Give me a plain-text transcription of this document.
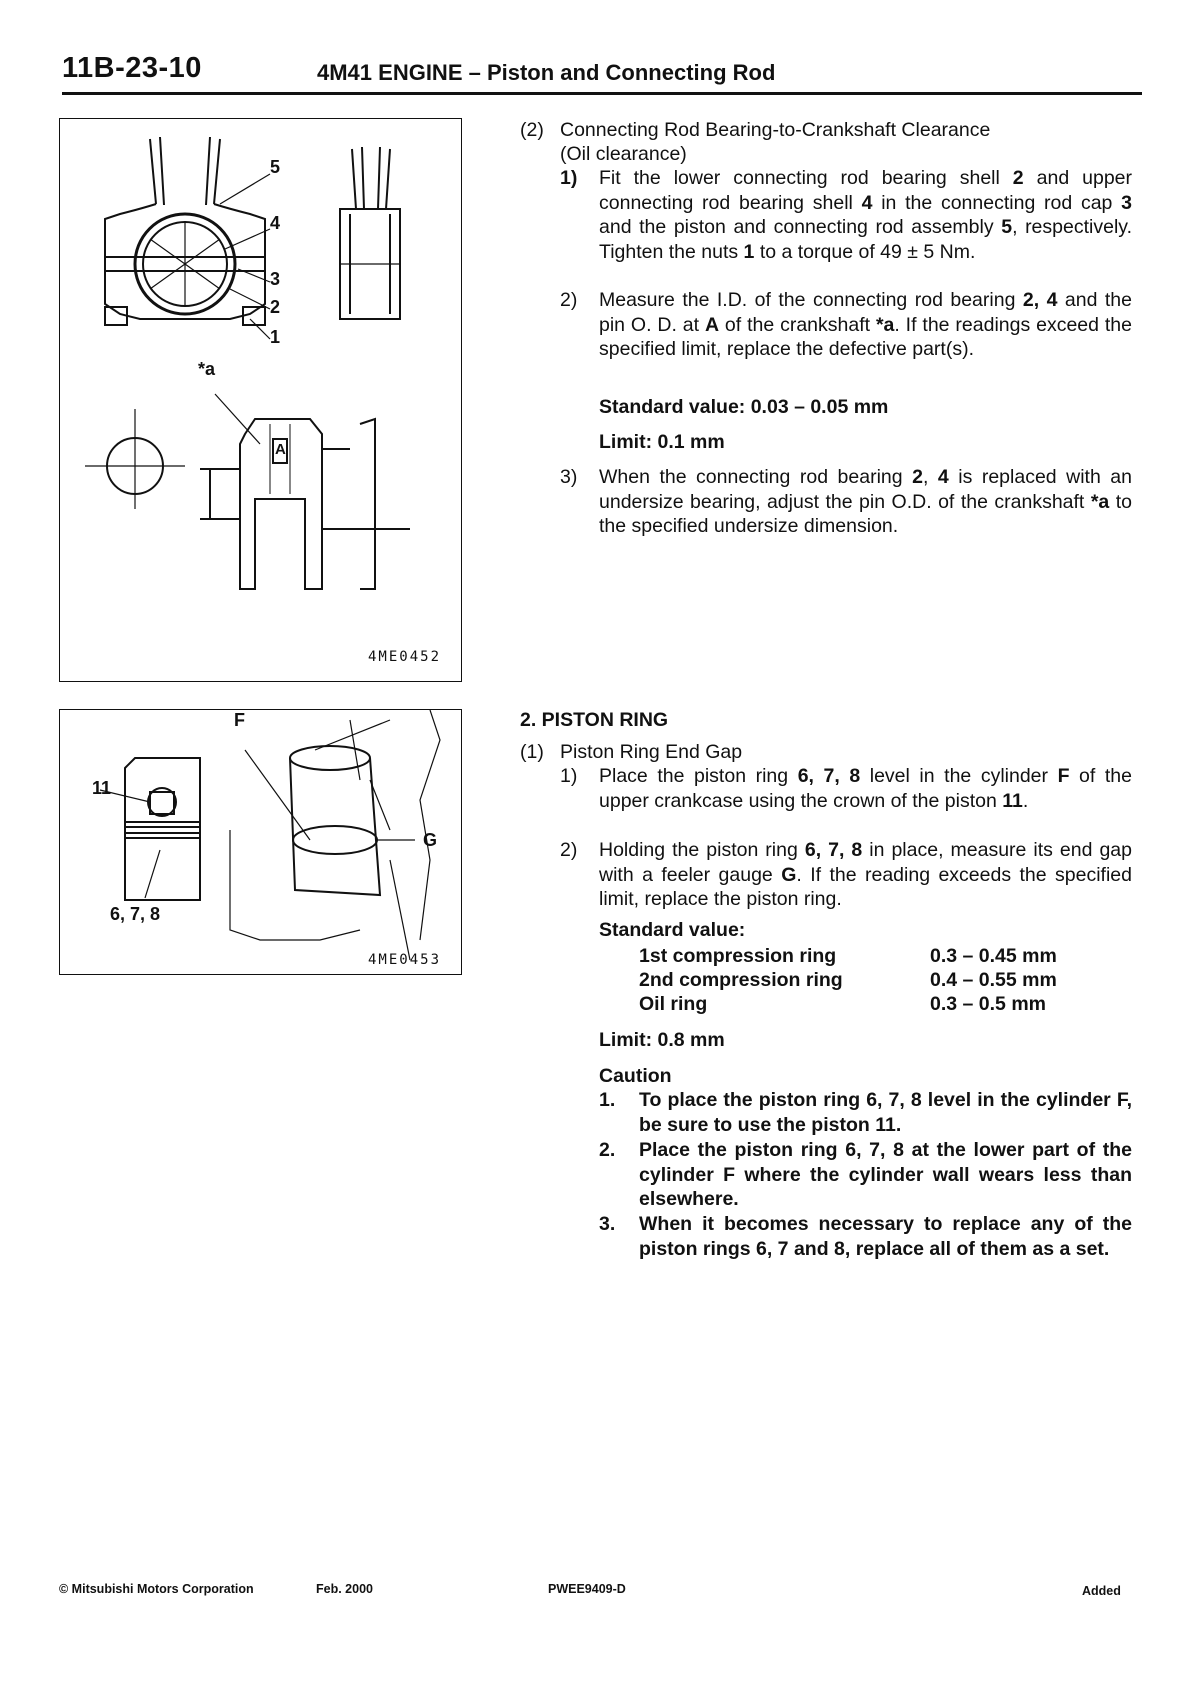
11B-23-10	4M41 ENGINE – Piston and Connecting Rod
5
4
3
2
1
*a
A
4ME0452
F
11
G
6, 7, 8
4ME0453
(2) Connecting Rod Bearing-to-Crankshaft Clearance
(Oil clearance)
1) Fit the lower connecting rod bearing shell 2 and upper connecting rod bearing shell 4 in the connecting rod cap 3 and the piston and connecting rod assembly 5, respectively. Tighten the nuts 1 to a torque of 49 ± 5 Nm.
2) Measure the I.D. of the connecting rod bearing 2, 4 and the pin O. D. at A of the crankshaft *a. If the readings exceed the specified limit, replace the defective part(s).
Standard value: 0.03 – 0.05 mm
Limit: 0.1 mm
3) When the connecting rod bearing 2, 4 is replaced with an undersize bearing, adjust the pin O.D. of the crankshaft *a to the specified undersize dimension.
2. PISTON RING
(1) Piston Ring End Gap
1) Place the piston ring 6, 7, 8 level in the cylinder F of the upper crankcase using the crown of the piston 11.
2) Holding the piston ring 6, 7, 8 in place, measure its end gap with a feeler gauge G. If the reading exceeds the specified limit, replace the piston ring.
Standard value:
1st compression ring	0.3 – 0.45 mm
2nd compression ring	0.4 – 0.55 mm
Oil ring	0.3 – 0.5 mm
Limit: 0.8 mm
Caution
1. To place the piston ring 6, 7, 8 level in the cylinder F, be sure to use the piston 11.
2. Place the piston ring 6, 7, 8 at the lower part of the cylinder F where the cylinder wall wears less than elsewhere.
3. When it becomes necessary to replace any of the piston rings 6, 7 and 8, replace all of them as a set.
© Mitsubishi Motors Corporation	Feb. 2000	PWEE9409-D	Added
